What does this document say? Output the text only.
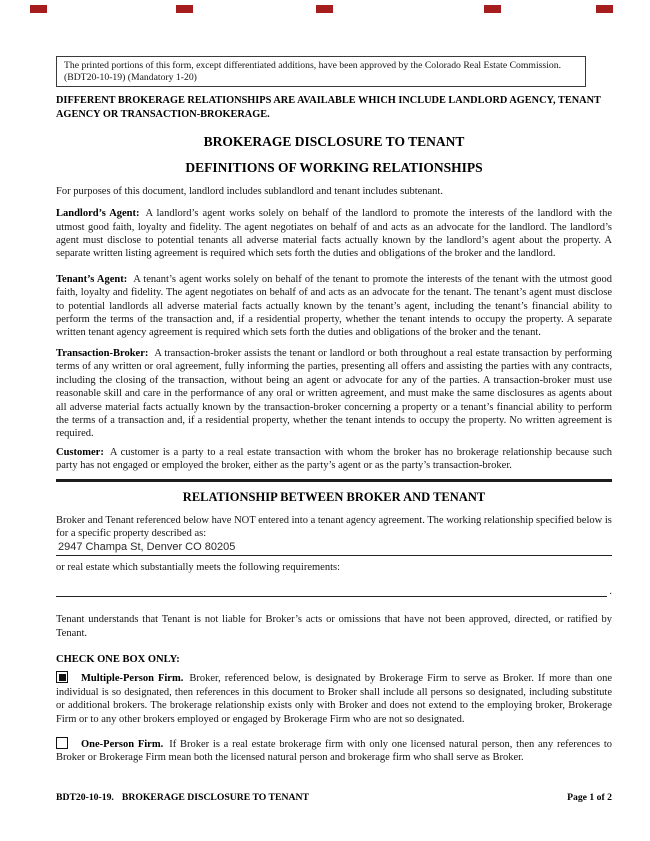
The printed portions of this form, except differentiated additions, have been approved by the Colorado Real Estate Commission.
(BDT20-10-19) (Mandatory 1-20)

DIFFERENT BROKERAGE RELATIONSHIPS ARE AVAILABLE WHICH INCLUDE LANDLORD AGENCY, TENANT AGENCY OR TRANSACTION-BROKERAGE.

BROKERAGE DISCLOSURE TO TENANT
DEFINITIONS OF WORKING RELATIONSHIPS

For purposes of this document, landlord includes sublandlord and tenant includes subtenant.

Landlord’s Agent: A landlord’s agent works solely on behalf of the landlord to promote the interests of the landlord with the utmost good faith, loyalty and fidelity. The agent negotiates on behalf of and acts as an advocate for the landlord. The landlord’s agent must disclose to potential tenants all adverse material facts actually known by the landlord’s agent about the property. A separate written listing agreement is required which sets forth the duties and obligations of the broker and the landlord.

Tenant’s Agent: A tenant’s agent works solely on behalf of the tenant to promote the interests of the tenant with the utmost good faith, loyalty and fidelity. The agent negotiates on behalf of and acts as an advocate for the tenant. The tenant’s agent must disclose to potential landlords all adverse material facts actually known by the tenant’s agent, including the tenant’s financial ability to perform the terms of the transaction and, if a residential property, whether the tenant intends to occupy the property. A separate written tenant agency agreement is required which sets forth the duties and obligations of the broker and the tenant.

Transaction-Broker: A transaction-broker assists the tenant or landlord or both throughout a real estate transaction by performing terms of any written or oral agreement, fully informing the parties, presenting all offers and assisting the parties with any contracts, including the closing of the transaction, without being an agent or advocate for any of the parties. A transaction-broker must use reasonable skill and care in the performance of any oral or written agreement, and must make the same disclosures as agents about all adverse material facts actually known by the transaction-broker concerning a property or a tenant’s financial ability to perform the terms of a transaction and, if a residential property, whether the tenant intends to occupy the property. No written agreement is required.

Customer: A customer is a party to a real estate transaction with whom the broker has no brokerage relationship because such party has not engaged or employed the broker, either as the party’s agent or as the party’s transaction-broker.

RELATIONSHIP BETWEEN BROKER AND TENANT

Broker and Tenant referenced below have NOT entered into a tenant agency agreement. The working relationship specified below is for a specific property described as:

2947 Champa St, Denver CO 80205

or real estate which substantially meets the following requirements:

.

Tenant understands that Tenant is not liable for Broker’s acts or omissions that have not been approved, directed, or ratified by Tenant.

CHECK ONE BOX ONLY:

Multiple-Person Firm. Broker, referenced below, is designated by Brokerage Firm to serve as Broker. If more than one individual is so designated, then references in this document to Broker shall include all persons so designated, including substitute or additional brokers. The brokerage relationship exists only with Broker and does not extend to the employing broker, Brokerage Firm or to any other brokers employed or engaged by Brokerage Firm who are not so designated.

One-Person Firm. If Broker is a real estate brokerage firm with only one licensed natural person, then any references to Broker or Brokerage Firm mean both the licensed natural person and brokerage firm who shall serve as Broker.

BDT20-10-19. BROKERAGE DISCLOSURE TO TENANT	Page 1 of 2
